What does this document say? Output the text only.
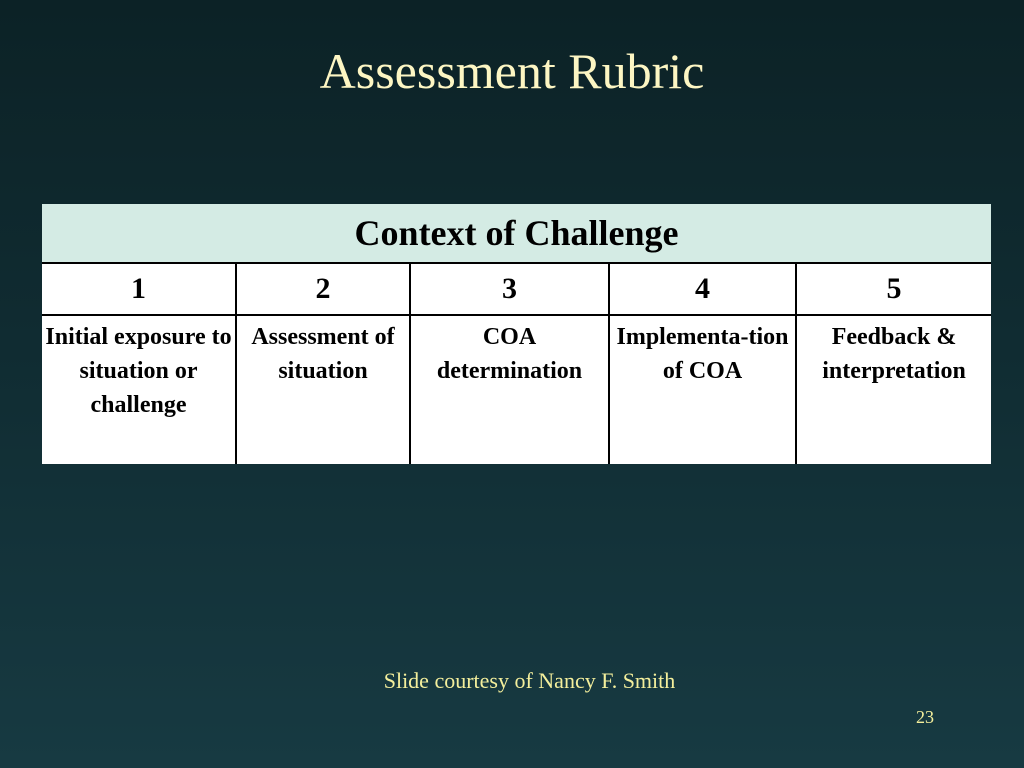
Assessment Rubric
Context of Challenge				
1	2	3	4	5
Initial exposure to situation or challenge	Assessment of situation	COA determination	Implementa-tion of COA	Feedback & interpretation
Slide courtesy of Nancy F. Smith
23
